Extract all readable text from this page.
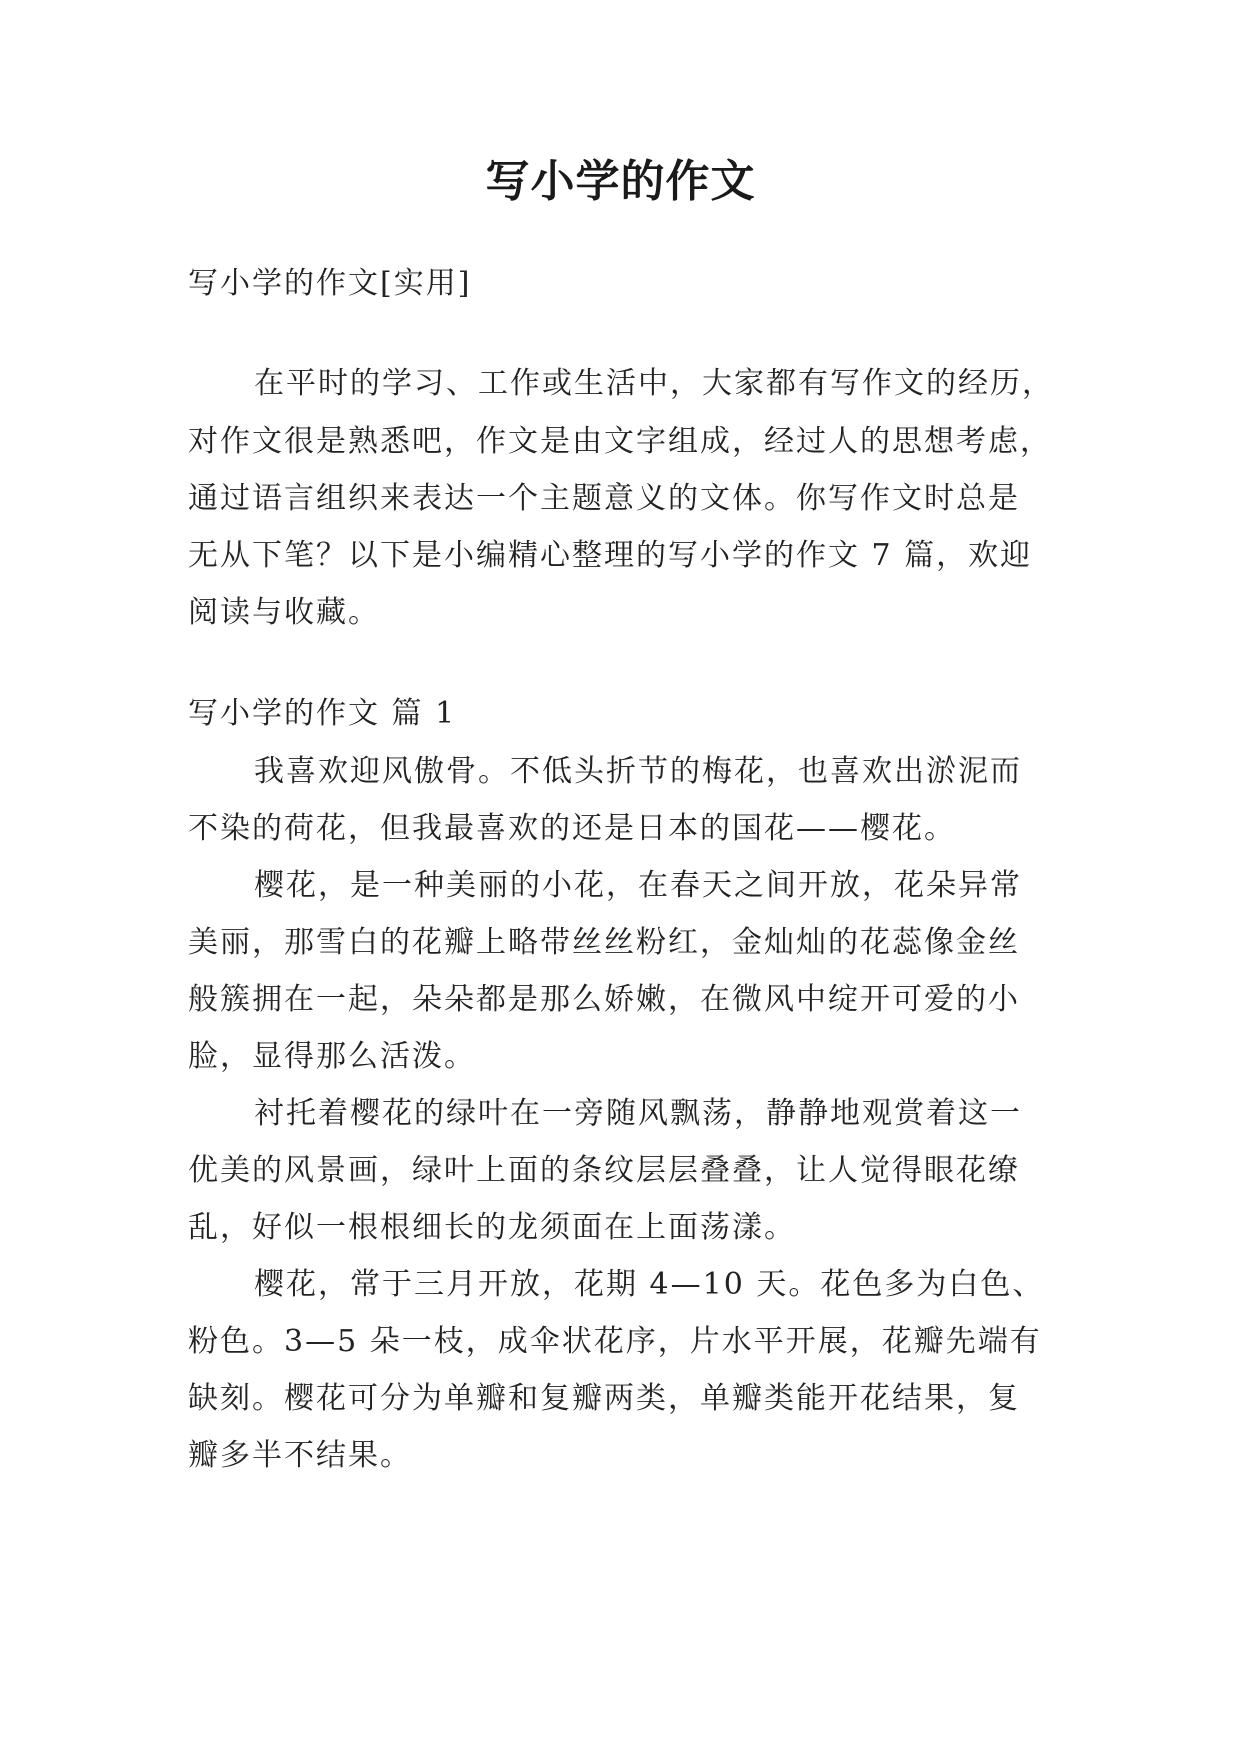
写小学的作文
写小学的作文[实用]
在平时的学习、工作或生活中，大家都有写作文的经历，
对作文很是熟悉吧，作文是由文字组成，经过人的思想考虑，
通过语言组织来表达一个主题意义的文体。你写作文时总是
无从下笔？以下是小编精心整理的写小学的作文 7 篇，欢迎
阅读与收藏。
写小学的作文 篇 1
我喜欢迎风傲骨。不低头折节的梅花，也喜欢出淤泥而
不染的荷花，但我最喜欢的还是日本的国花——樱花。
樱花，是一种美丽的小花，在春天之间开放，花朵异常
美丽，那雪白的花瓣上略带丝丝粉红，金灿灿的花蕊像金丝
般簇拥在一起，朵朵都是那么娇嫩，在微风中绽开可爱的小
脸，显得那么活泼。
衬托着樱花的绿叶在一旁随风飘荡，静静地观赏着这一
优美的风景画，绿叶上面的条纹层层叠叠，让人觉得眼花缭
乱，好似一根根细长的龙须面在上面荡漾。
樱花，常于三月开放，花期 4—10 天。花色多为白色、
粉色。3—5 朵一枝，成伞状花序，片水平开展，花瓣先端有
缺刻。樱花可分为单瓣和复瓣两类，单瓣类能开花结果，复
瓣多半不结果。
